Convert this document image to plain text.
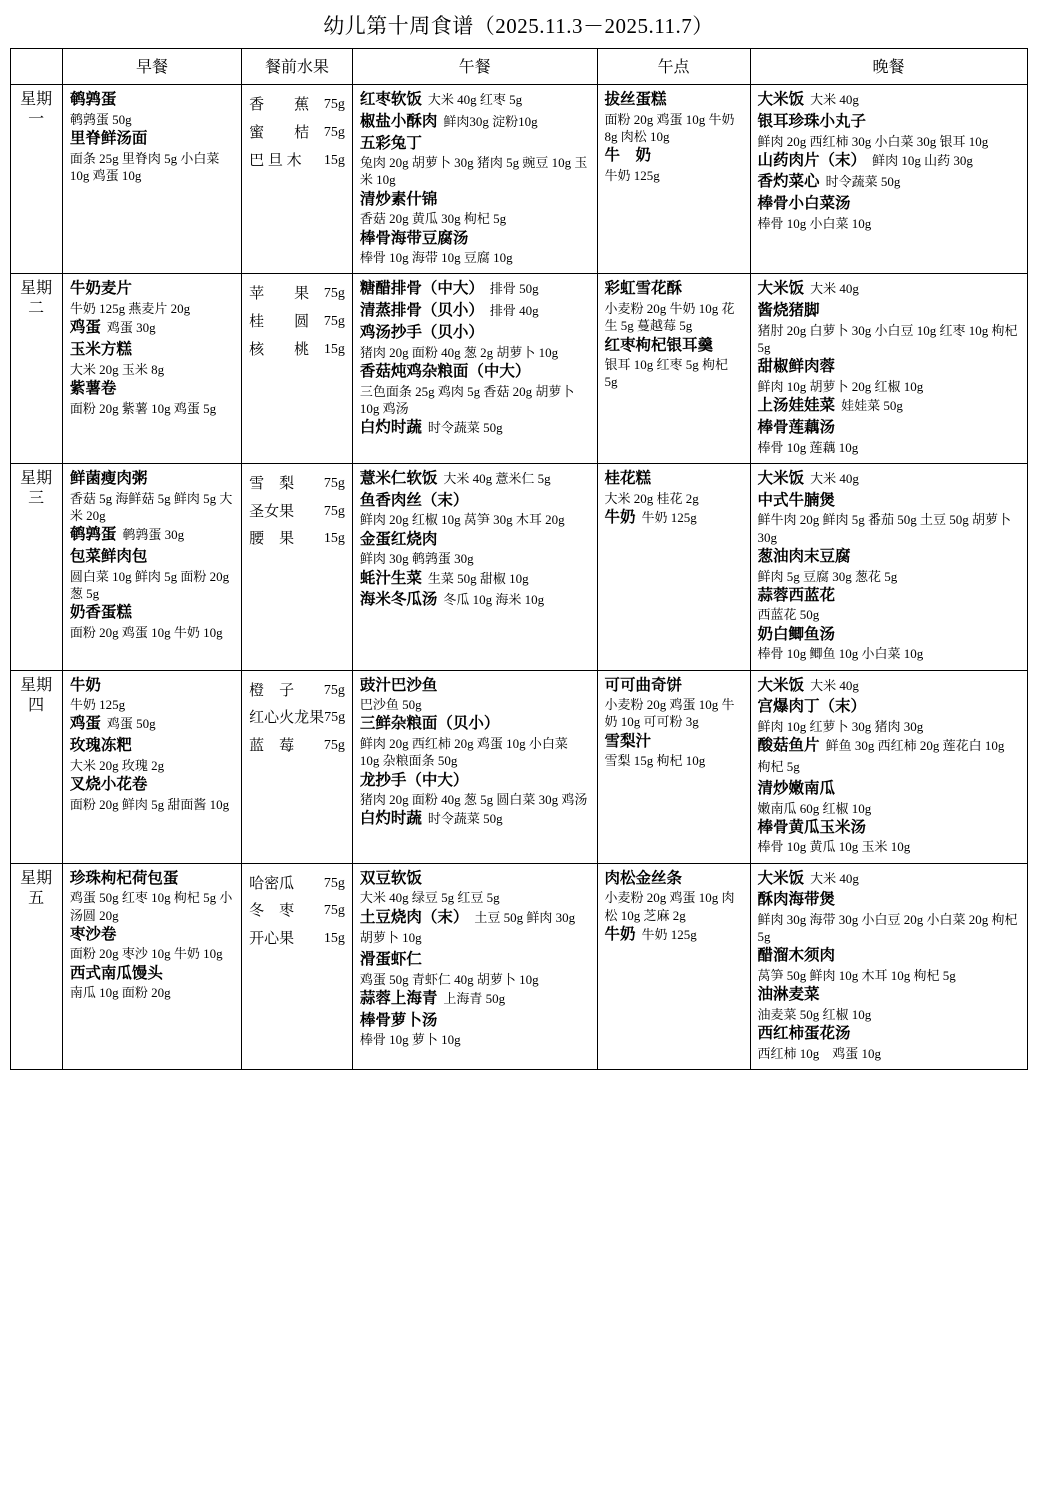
幼儿第十周食谱（2025.11.3－2025.11.7）
	早餐	餐前水果	午餐	午点	晚餐

星期
一

鹌鹑蛋
鹌鹑蛋 50g
里脊鲜汤面
面条 25g 里脊肉 5g 小白菜 10g 鸡蛋 10g

香　　蕉 75g
蜜　　桔 75g
巴 旦 木 15g

红枣软饭 大米 40g 红枣 5g
椒盐小酥肉 鲜肉30g 淀粉10g
五彩兔丁
兔肉 20g 胡萝卜 30g 猪肉 5g 豌豆 10g 玉米 10g
清炒素什锦
香菇 20g 黄瓜 30g 枸杞 5g
棒骨海带豆腐汤
棒骨 10g 海带 10g 豆腐 10g

拔丝蛋糕
面粉 20g 鸡蛋 10g 牛奶 8g 肉松 10g
牛　奶
牛奶 125g

大米饭 大米 40g
银耳珍珠小丸子
鲜肉 20g 西红柿 30g 小白菜 30g 银耳 10g
山药肉片（末） 鲜肉 10g 山药 30g
香灼菜心 时令蔬菜 50g
棒骨小白菜汤
棒骨 10g 小白菜 10g

星期
二

牛奶麦片
牛奶 125g 燕麦片 20g
鸡蛋 鸡蛋 30g
玉米方糕
大米 20g 玉米 8g
紫薯卷
面粉 20g 紫薯 10g 鸡蛋 5g

苹　　果 75g
桂　　圆 75g
核　　桃 15g

糖醋排骨（中大） 排骨 50g
清蒸排骨（贝小） 排骨 40g
鸡汤抄手（贝小）
猪肉 20g 面粉 40g 葱 2g 胡萝卜 10g
香菇炖鸡杂粮面（中大）
三色面条 25g 鸡肉 5g 香菇 20g 胡萝卜 10g 鸡汤
白灼时蔬 时令蔬菜 50g

彩虹雪花酥
小麦粉 20g 牛奶 10g 花生 5g 蔓越莓 5g
红枣枸杞银耳羹
银耳 10g 红枣 5g 枸杞 5g

大米饭 大米 40g
酱烧猪脚
猪肘 20g 白萝卜 30g 小白豆 10g 红枣 10g 枸杞 5g
甜椒鲜肉蓉
鲜肉 10g 胡萝卜 20g 红椒 10g
上汤娃娃菜 娃娃菜 50g
棒骨莲藕汤
棒骨 10g 莲藕 10g

星期
三

鲜菌瘦肉粥
香菇 5g 海鲜菇 5g 鲜肉 5g 大米 20g
鹌鹑蛋 鹌鹑蛋 30g
包菜鲜肉包
圆白菜 10g 鲜肉 5g 面粉 20g 葱 5g
奶香蛋糕
面粉 20g 鸡蛋 10g 牛奶 10g

雪　梨 75g
圣女果 75g
腰　果 15g

薏米仁软饭 大米 40g 薏米仁 5g
鱼香肉丝（末）
鲜肉 20g 红椒 10g 莴笋 30g 木耳 20g
金蛋红烧肉
鲜肉 30g 鹌鹑蛋 30g
蚝汁生菜 生菜 50g 甜椒 10g
海米冬瓜汤 冬瓜 10g 海米 10g

桂花糕
大米 20g 桂花 2g
牛奶 牛奶 125g

大米饭 大米 40g
中式牛腩煲
鲜牛肉 20g 鲜肉 5g 番茄 50g 土豆 50g 胡萝卜 30g
葱油肉末豆腐
鲜肉 5g 豆腐 30g 葱花 5g
蒜蓉西蓝花
西蓝花 50g
奶白鲫鱼汤
棒骨 10g 鲫鱼 10g 小白菜 10g

星期
四

牛奶
牛奶 125g
鸡蛋 鸡蛋 50g
玫瑰冻粑
大米 20g 玫瑰 2g
叉烧小花卷
面粉 20g 鲜肉 5g 甜面酱 10g

橙　子 75g
红心火龙果 75g
蓝　莓 75g

豉汁巴沙鱼
巴沙鱼 50g
三鲜杂粮面（贝小）
鲜肉 20g 西红柿 20g 鸡蛋 10g 小白菜 10g 杂粮面条 50g
龙抄手（中大）
猪肉 20g 面粉 40g 葱 5g 圆白菜 30g 鸡汤
白灼时蔬 时令蔬菜 50g

可可曲奇饼
小麦粉 20g 鸡蛋 10g 牛奶 10g 可可粉 3g
雪梨汁
雪梨 15g 枸杞 10g

大米饭 大米 40g
宫爆肉丁（末）
鲜肉 10g 红萝卜 30g 猪肉 30g
酸菇鱼片 鲜鱼 30g 西红柿 20g 莲花白 10g 枸杞 5g
清炒嫩南瓜
嫩南瓜 60g 红椒 10g
棒骨黄瓜玉米汤
棒骨 10g 黄瓜 10g 玉米 10g

星期
五

珍珠枸杞荷包蛋
鸡蛋 50g 红枣 10g 枸杞 5g 小汤圆 20g
枣沙卷
面粉 20g 枣沙 10g 牛奶 10g
西式南瓜馒头
南瓜 10g 面粉 20g

哈密瓜 75g
冬　枣 75g
开心果 15g

双豆软饭
大米 40g 绿豆 5g 红豆 5g
土豆烧肉（末） 土豆 50g 鲜肉 30g 胡萝卜 10g
滑蛋虾仁
鸡蛋 50g 青虾仁 40g 胡萝卜 10g
蒜蓉上海青 上海青 50g
棒骨萝卜汤
棒骨 10g 萝卜 10g

肉松金丝条
小麦粉 20g 鸡蛋 10g 肉松 10g 芝麻 2g
牛奶 牛奶 125g

大米饭 大米 40g
酥肉海带煲
鲜肉 30g 海带 30g 小白豆 20g 小白菜 20g 枸杞 5g
醋溜木须肉
莴笋 50g 鲜肉 10g 木耳 10g 枸杞 5g
油淋麦菜
油麦菜 50g 红椒 10g
西红柿蛋花汤
西红柿 10g　鸡蛋 10g
